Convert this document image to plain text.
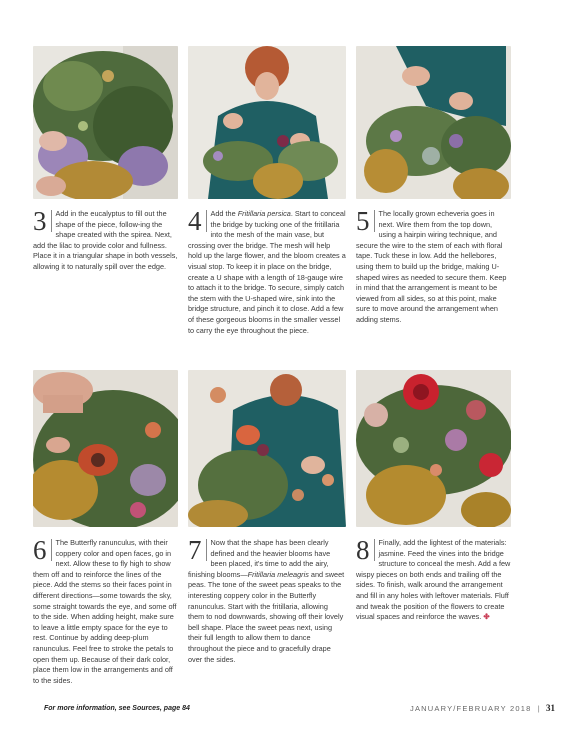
3	Add in the eucalyptus to fill out the shape of the piece, follow-ing the shape created with the spirea. Next, add the lilac to provide color and fullness. Place it in a triangular shape in both vessels, allowing it to naturally spill over the edge.

4	Add the Fritillaria persica. Start to conceal the bridge by tucking one of the fritillaria into the mesh of the main vase, but crossing over the bridge. The mesh will help hold up the large flower, and the bloom creates a visual stop. To keep it in place on the bridge, create a U shape with a length of 18-gauge wire to attach it to the bridge. To secure, simply catch the stem with the U-shaped wire, sink into the bridge structure, and pinch it to close. Add a few of these gorgeous blooms in the smaller vessel to carry the eye throughout the piece.

5	The locally grown echeveria goes in next. Wire them from the top down, using a hairpin wiring technique, and secure the wire to the stem of each with floral tape. Tuck these in low. Add the hellebores, using them to build up the bridge, making U-shaped wires as needed to secure them. Keep in mind that the arrangement is meant to be viewed from all sides, so at this point, make sure to move around the arrangement when adding stems.

6	The Butterfly ranunculus, with their coppery color and open faces, go in next. Allow these to fly high to show them off and to reinforce the lines of the piece. Add the stems so their faces point in different directions—some towards the sky, some straight towards the eye, and some off to the side. When adding height, make sure to leave a little empty space for the eye to rest. Continue by adding deep-plum ranunculus. Feel free to stroke the petals to open them up. Because of their dark color, place them low in the arrangements and off to the sides.

7	Now that the shape has been clearly defined and the heavier blooms have been placed, it's time to add the airy, finishing blooms—Fritillaria meleagris and sweet peas. The tone of the sweet peas speaks to the interesting coppery color in the Butterfly ranunculus. Start with the fritillaria, allowing them to nod downwards, showing off their lovely bell shape. Place the sweet peas next, using their full length to allow them to dance throughout the piece and to gracefully drape over the sides.

8	Finally, add the lightest of the materials: jasmine. Feed the vines into the bridge structure to conceal the mesh. Add a few wispy pieces on both ends and trailing off the sides. To finish, walk around the arrangement and fill in any holes with leftover materials. Fluff and tweak the position of the flowers to create visual spaces and reinforce the waves. ✤

For more information, see Sources, page 84	JANUARY/FEBRUARY 2018 | 31
